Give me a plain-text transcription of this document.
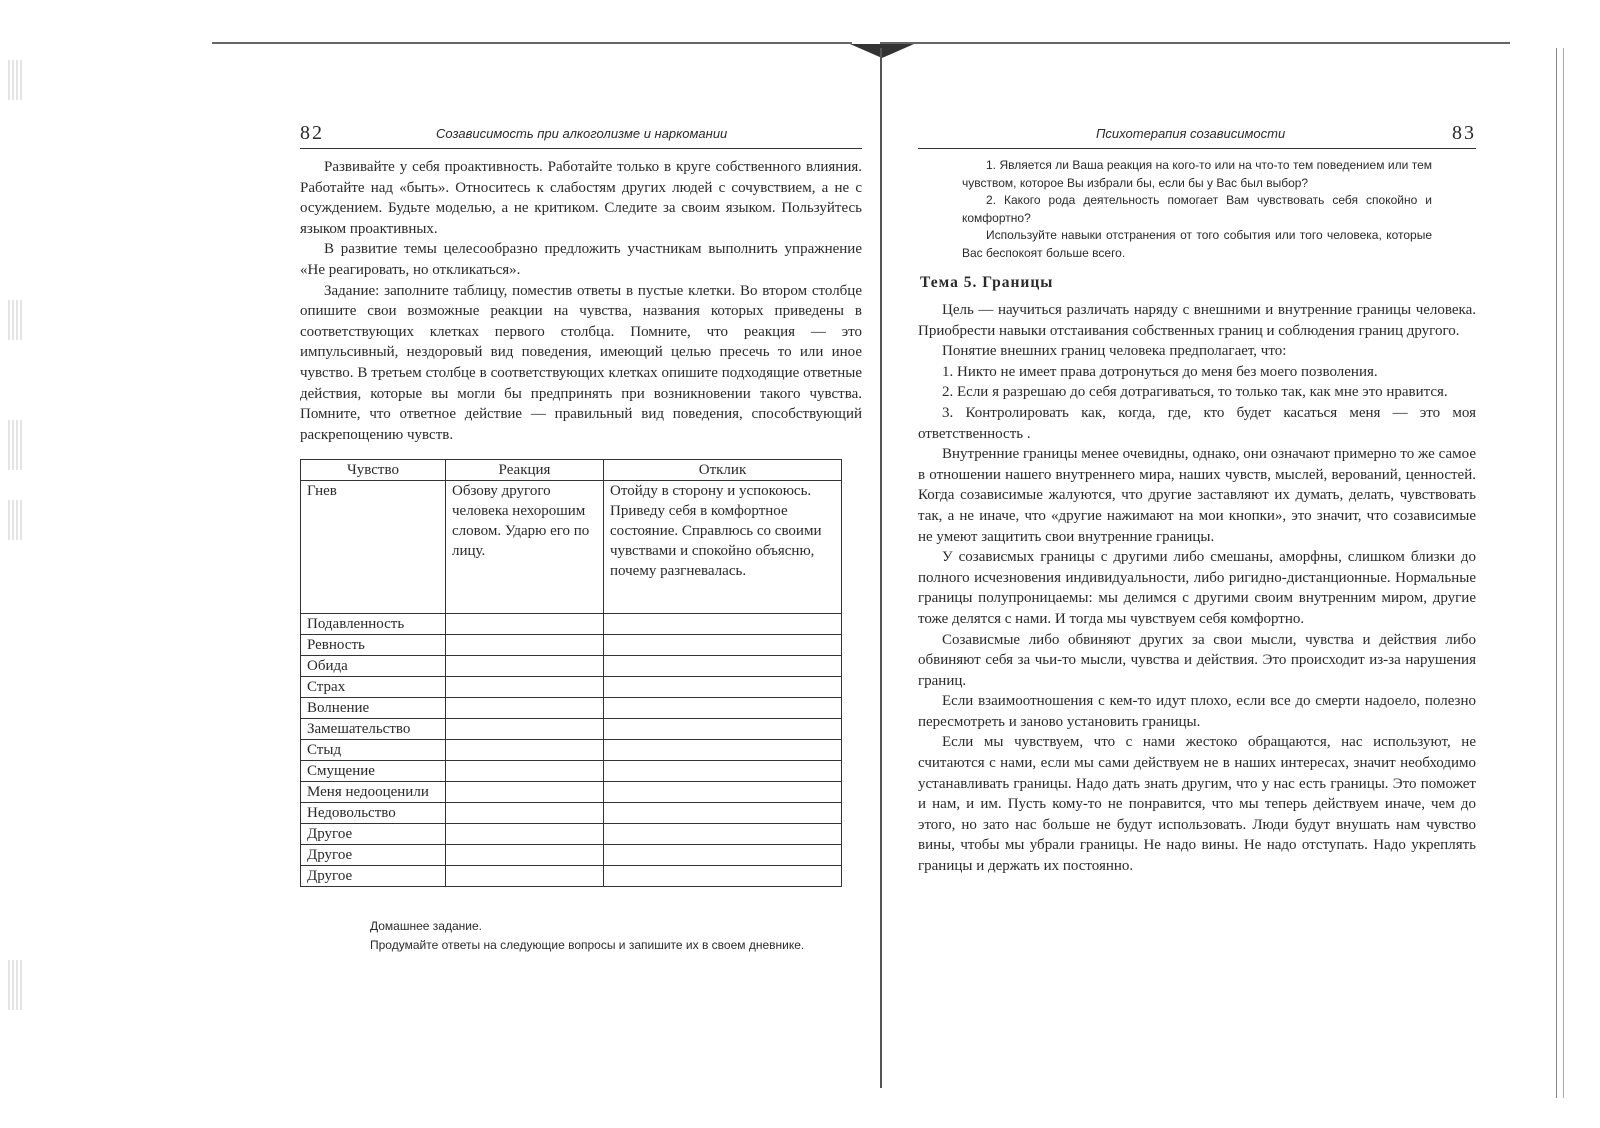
82	Созависимость при алкоголизме и наркомании

Развивайте у себя проактивность. Работайте только в круге собственного влияния. Работайте над «быть». Относитесь к слабостям других людей с сочувствием, а не с осуждением. Будьте моделью, а не критиком. Следите за своим языком. Пользуйтесь языком проактивных.

В развитие темы целесообразно предложить участникам выполнить упражнение «Не реагировать, но откликаться».

Задание: заполните таблицу, поместив ответы в пустые клетки. Во втором столбце опишите свои возможные реакции на чувства, названия которых приведены в соответствующих клетках первого столбца. Помните, что реакция — это импульсивный, нездоровый вид поведения, имеющий целью пресечь то или иное чувство. В третьем столбце в соответствующих клетках опишите подходящие ответные действия, которые вы могли бы предпринять при возникновении такого чувства. Помните, что ответное действие — правильный вид поведения, способствующий раскрепощению чувств.

Чувство	Реакция	Отклик
Гнев	Обзову другого человека нехорошим словом. Ударю его по лицу.	Отойду в сторону и успокоюсь. Приведу себя в комфортное состояние. Справлюсь со своими чувствами и спокойно объясню, почему разгневалась.
Подавленность		
Ревность		
Обида		
Страх		
Волнение		
Замешательство		
Стыд		
Смущение		
Меня недооценили		
Недовольство		
Другое		
Другое		
Другое		
Домашнее задание.
Продумайте ответы на следующие вопросы и запишите их в своем дневнике.
Психотерапия созависимости	83

1. Является ли Ваша реакция на кого-то или на что-то тем поведением или тем чувством, которое Вы избрали бы, если бы у Вас был выбор?

2. Какого рода деятельность помогает Вам чувствовать себя спокойно и комфортно?

Используйте навыки отстранения от того события или того человека, которые Вас беспокоят больше всего.

Тема 5. Границы

Цель — научиться различать наряду с внешними и внутренние границы человека. Приобрести навыки отстаивания собственных границ и соблюдения границ другого.

Понятие внешних границ человека предполагает, что:

1. Никто не имеет права дотронуться до меня без моего позволения.

2. Если я разрешаю до себя дотрагиваться, то только так, как мне это нравится.

3. Контролировать как, когда, где, кто будет касаться меня — это моя ответственность .

Внутренние границы менее очевидны, однако, они означают примерно то же самое в отношении нашего внутреннего мира, наших чувств, мыслей, верований, ценностей. Когда созависимые жалуются, что другие заставляют их думать, делать, чувствовать так, а не иначе, что «другие нажимают на мои кнопки», это значит, что созависимые не умеют защитить свои внутренние границы.

У созависмых границы с другими либо смешаны, аморфны, слишком близки до полного исчезновения индивидуальности, либо ригидно-дистанционные. Нормальные границы полупроницаемы: мы делимся с другими своим внутренним миром, другие тоже делятся с нами. И тогда мы чувствуем себя комфортно.

Созависмые либо обвиняют других за свои мысли, чувства и действия либо обвиняют себя за чьи-то мысли, чувства и действия. Это происходит из-за нарушения границ.

Если взаимоотношения с кем-то идут плохо, если все до смерти надоело, полезно пересмотреть и заново установить границы.

Если мы чувствуем, что с нами жестоко обращаются, нас используют, не считаются с нами, если мы сами действуем не в наших интересах, значит необходимо устанавливать границы. Надо дать знать другим, что у нас есть границы. Это поможет и нам, и им. Пусть кому-то не понравится, что мы теперь действуем иначе, чем до этого, но зато нас больше не будут использовать. Люди будут внушать нам чувство вины, чтобы мы убрали границы. Не надо вины. Не надо отступать. Надо укреплять границы и держать их постоянно.
